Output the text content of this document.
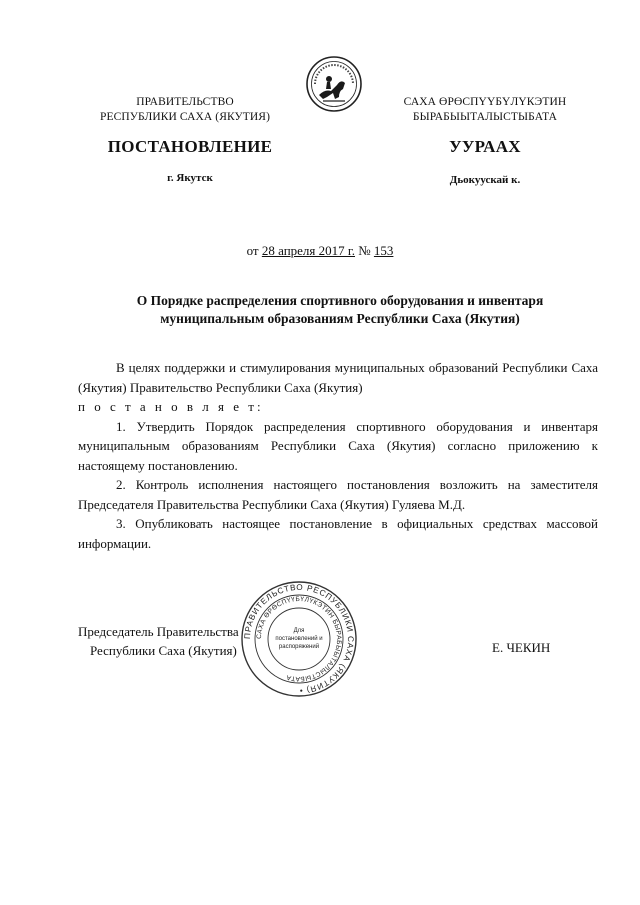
ПРАВИТЕЛЬСТВО
РЕСПУБЛИКИ САХА (ЯКУТИЯ)
САХА ӨРӨСПҮҮБҮЛҮКЭТИН
БЫРАБЫЫТАЛЫСТЫБАТА
ПОСТАНОВЛЕНИЕ	УУРААХ
г. Якутск	Дьокуускай к.
от 28 апреля 2017 г. № 153
О Порядке распределения спортивного оборудования и инвентаря
муниципальным образованиям Республики Саха (Якутия)

В целях поддержки и стимулирования муниципальных образований Республики Саха (Якутия) Правительство Республики Саха (Якутия)

п о с т а н о в л я е т:

1. Утвердить Порядок распределения спортивного оборудования и инвентаря муниципальным образованиям Республики Саха (Якутия) согласно приложению к настоящему постановлению.

2. Контроль исполнения настоящего постановления возложить на заместителя Председателя Правительства Республики Саха (Якутия) Гуляева М.Д.

3. Опубликовать настоящее постановление в официальных средствах массовой информации.

Председатель Правительства
Республики Саха (Якутия)	Е. ЧЕКИН
ПРАВИТЕЛЬСТВО РЕСПУБЛИКИ САХА (ЯКУТИЯ) •
САХА ӨРӨСПҮҮБҮЛҮКЭТИН БЫРАБЫЫТАЛЫСТЫБАТА
Для
постановлений и
распоряжений
